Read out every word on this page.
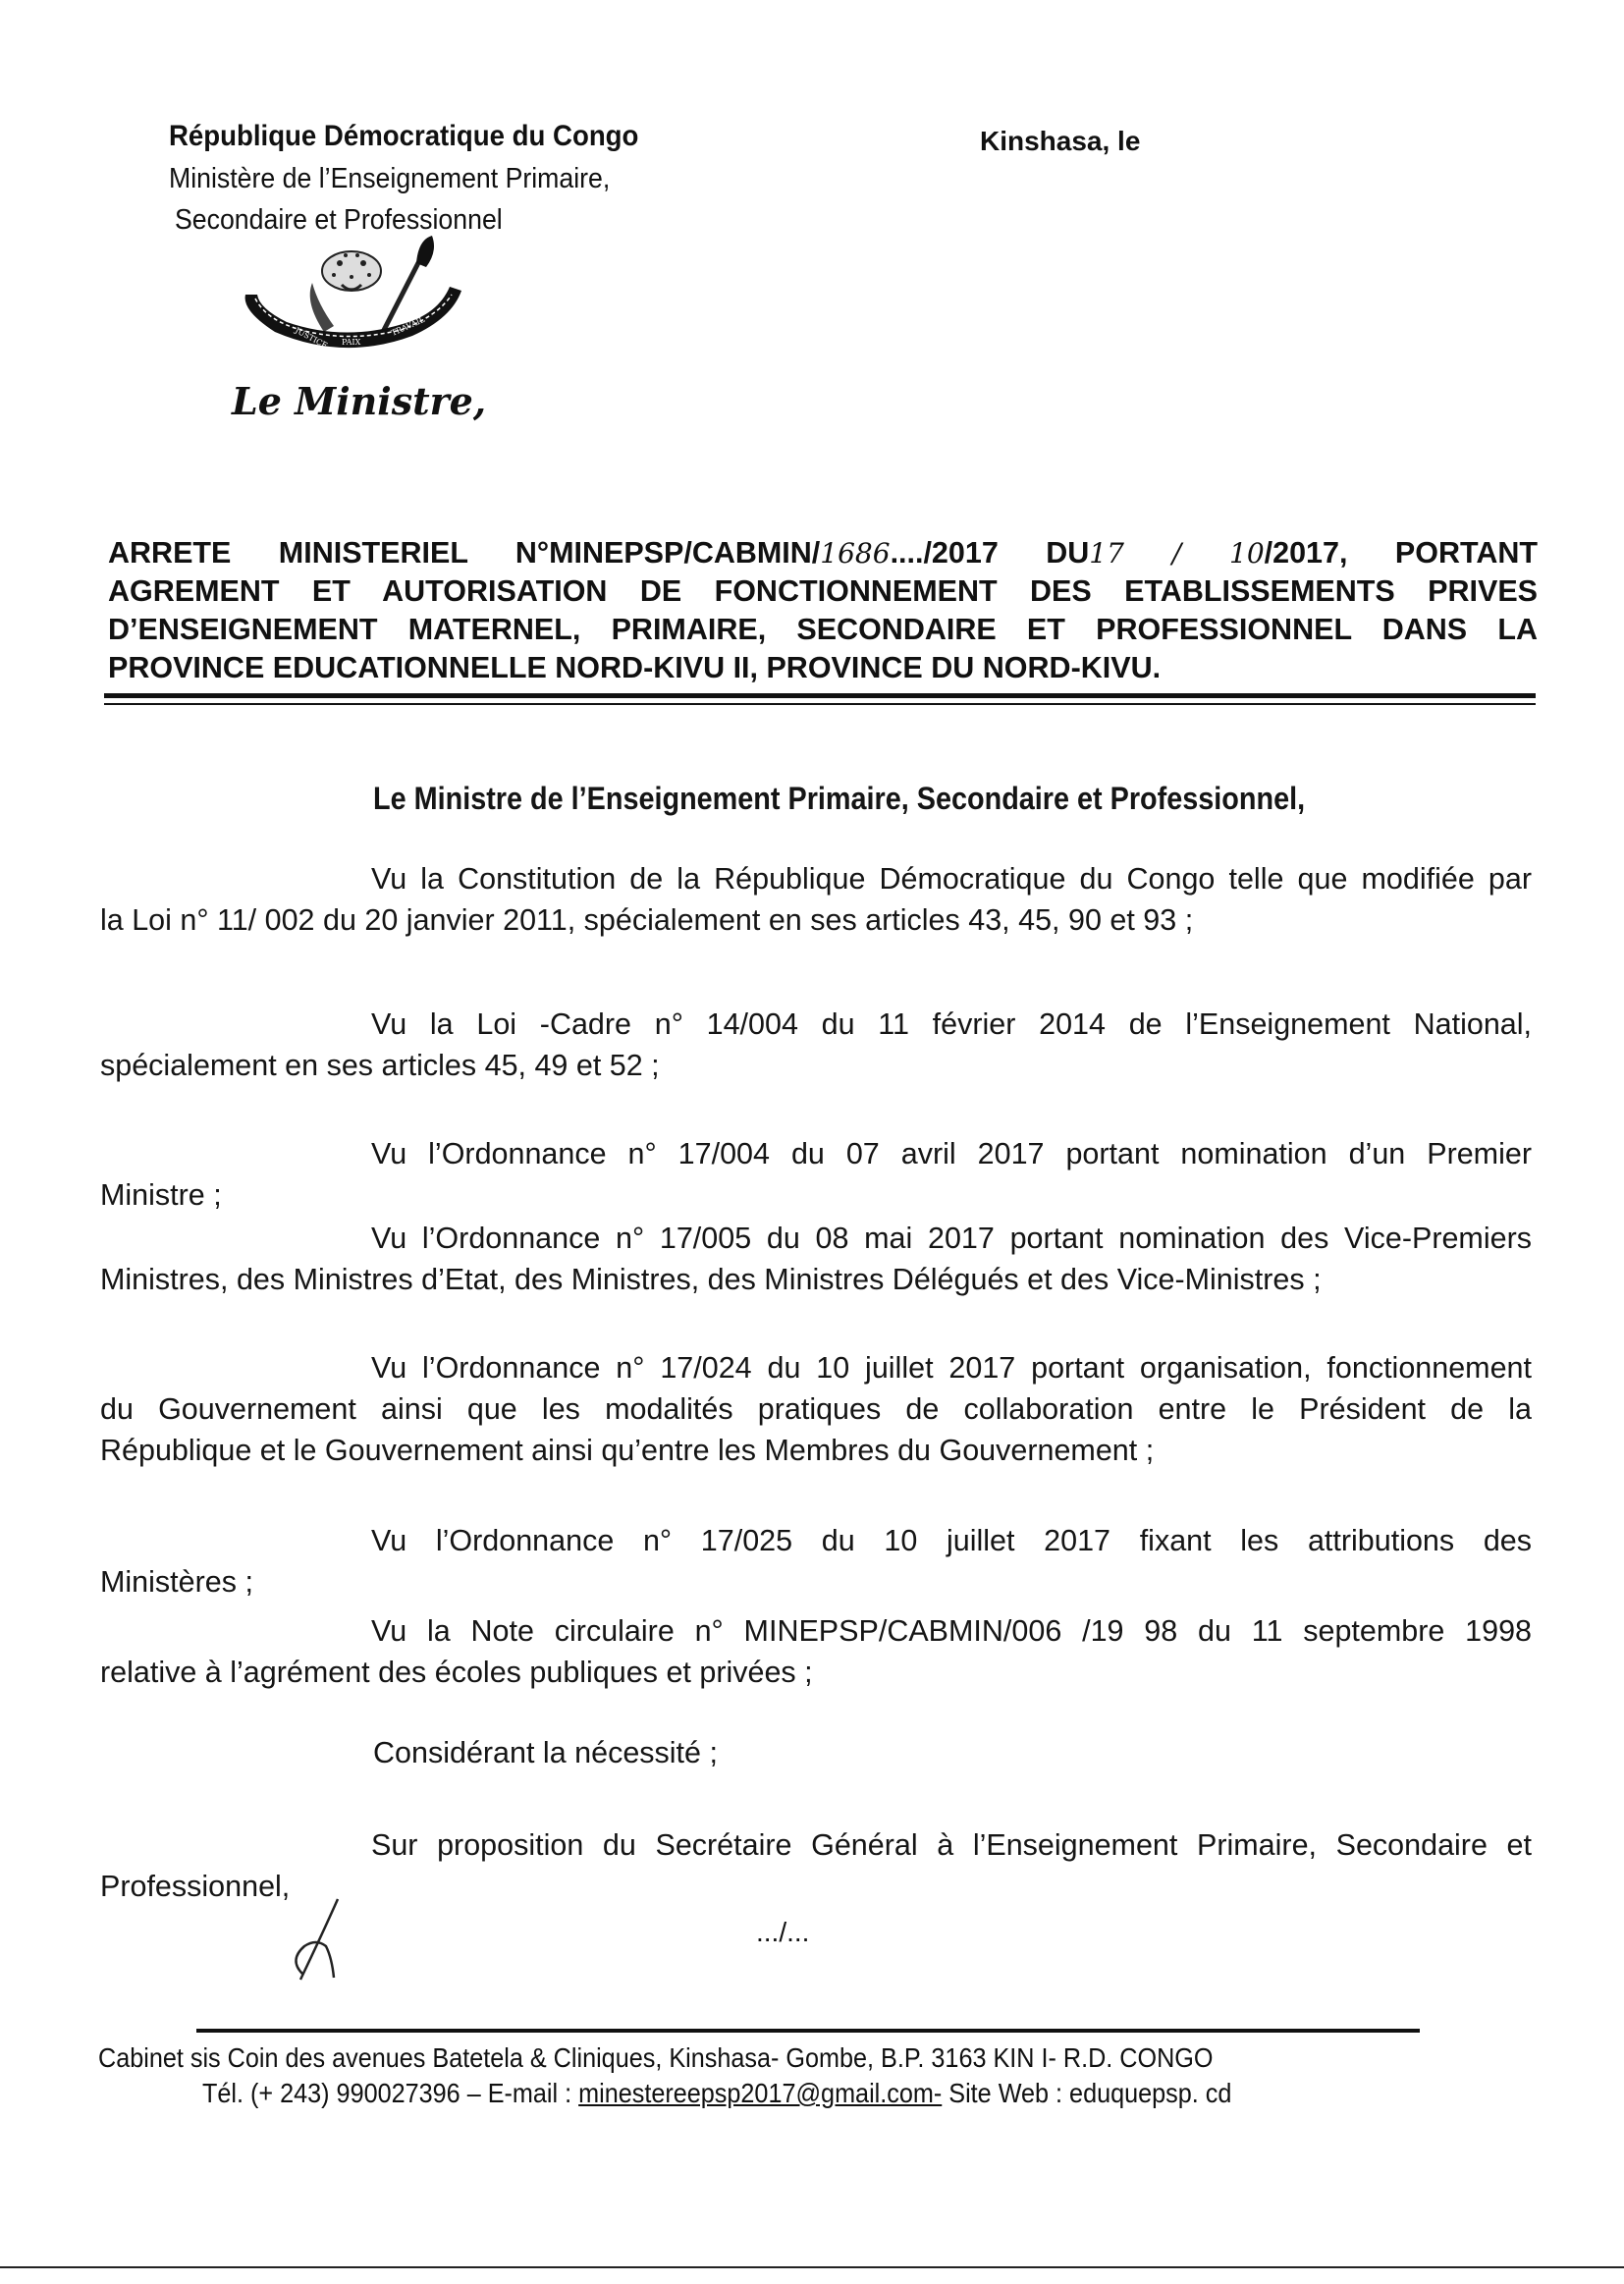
République Démocratique du Congo
Ministère de l’Enseignement Primaire,
Secondaire et Professionnel
Kinshasa, le
JUSTICE PAIX
TRAVAIL
Le Ministre,
ARRETE MINISTERIEL N°MINEPSP/CABMIN/1686..../2017 DU17 / 10/2017, PORTANT
AGREMENT ET AUTORISATION DE FONCTIONNEMENT DES ETABLISSEMENTS PRIVES
D’ENSEIGNEMENT MATERNEL, PRIMAIRE, SECONDAIRE ET PROFESSIONNEL DANS LA
PROVINCE EDUCATIONNELLE NORD-KIVU II, PROVINCE DU NORD-KIVU.
Le Ministre de l’Enseignement Primaire, Secondaire et Professionnel,
Vu la Constitution de la République Démocratique du Congo telle que modifiée par
la Loi n° 11/ 002 du 20 janvier 2011, spécialement en ses articles 43, 45, 90 et 93 ;
Vu la Loi -Cadre n° 14/004 du 11 février 2014 de l’Enseignement National,
spécialement en ses articles 45, 49 et 52 ;
Vu l’Ordonnance n° 17/004 du 07 avril 2017 portant nomination d’un Premier
Ministre ;
Vu l’Ordonnance n° 17/005 du 08 mai 2017 portant nomination des Vice-Premiers
Ministres, des Ministres d’Etat, des Ministres, des Ministres Délégués et des Vice-Ministres ;
Vu l’Ordonnance n° 17/024 du 10 juillet 2017 portant organisation, fonctionnement
du Gouvernement ainsi que les modalités pratiques de collaboration entre le Président de la
République et le Gouvernement ainsi qu’entre les Membres du Gouvernement ;
Vu l’Ordonnance n° 17/025 du 10 juillet 2017 fixant les attributions des
Ministères ;
Vu la Note circulaire n° MINEPSP/CABMIN/006 /19 98 du 11 septembre 1998
relative à l’agrément des écoles publiques et privées ;
Considérant la nécessité ;
Sur proposition du Secrétaire Général à l’Enseignement Primaire, Secondaire et
Professionnel,
.../...
Cabinet sis Coin des avenues Batetela & Cliniques, Kinshasa- Gombe, B.P. 3163 KIN I- R.D. CONGO
Tél. (+ 243) 990027396 – E-mail : minestereepsp2017@gmail.com- Site Web : eduquepsp. cd
